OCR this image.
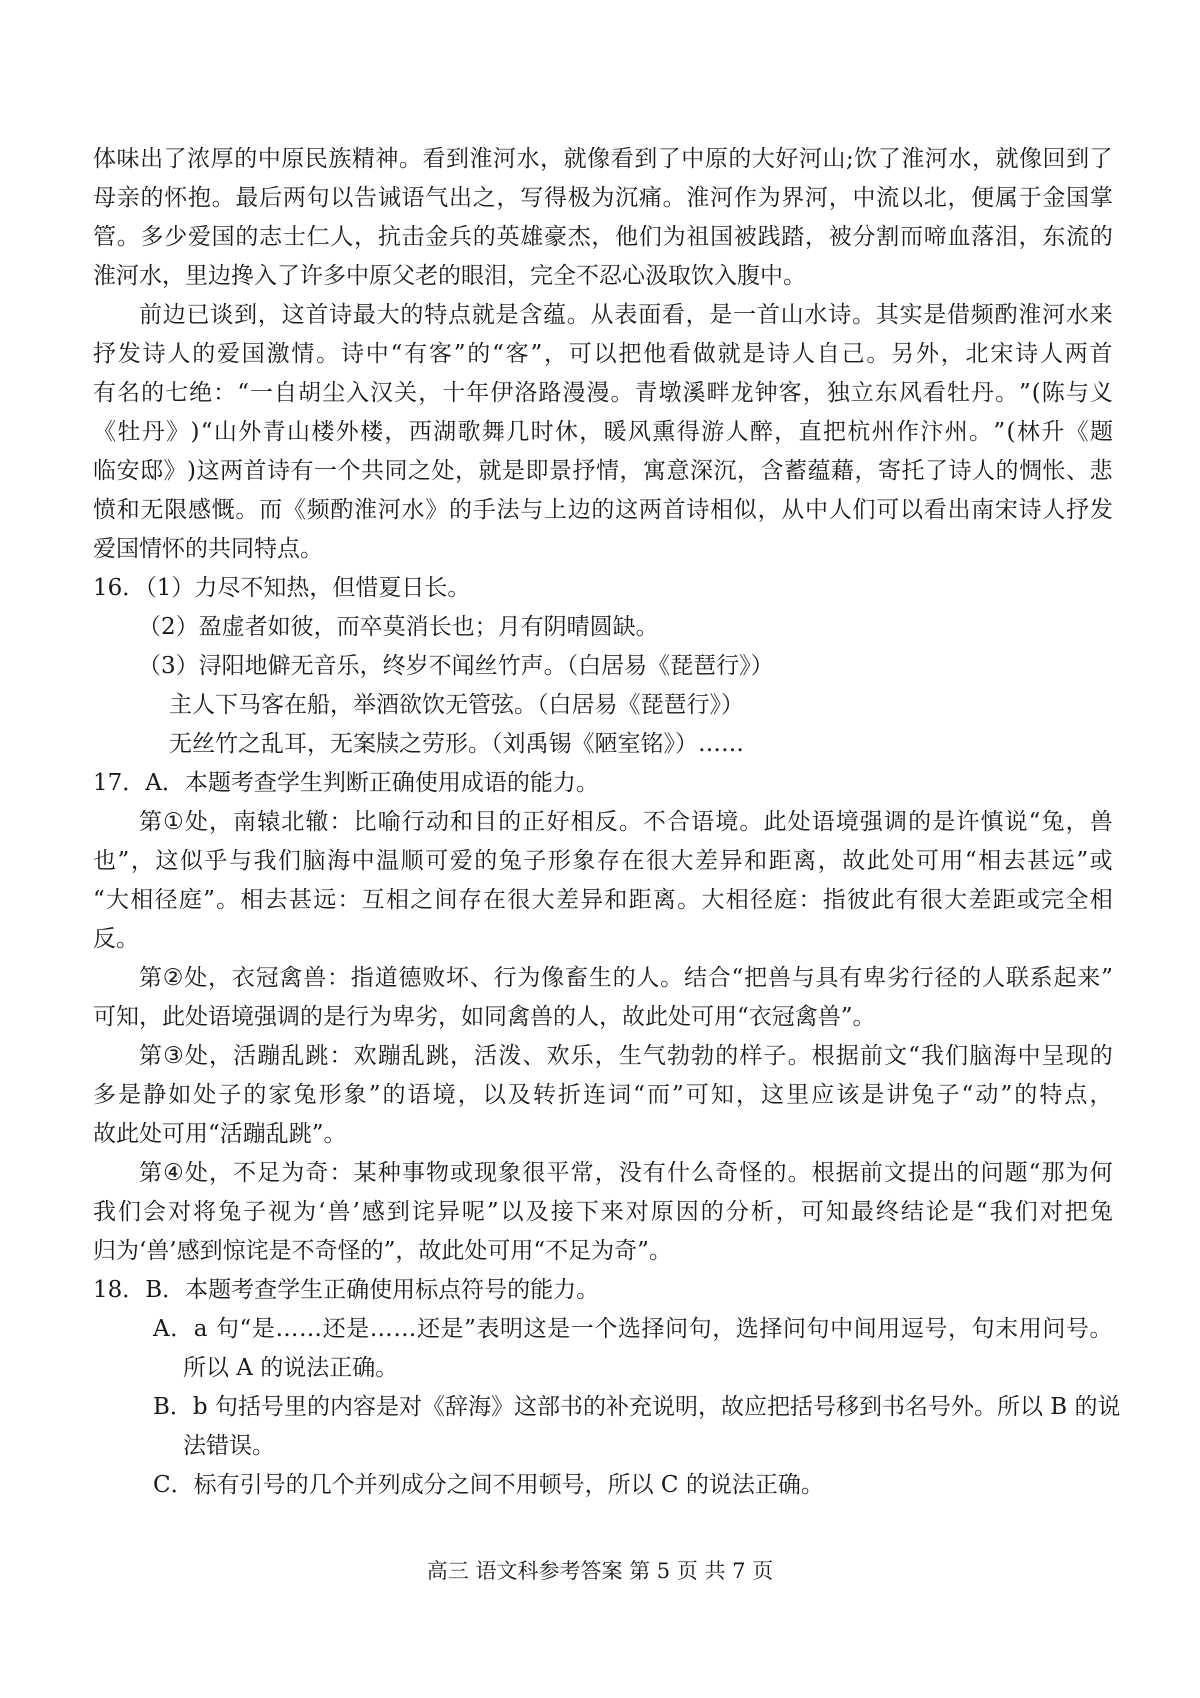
体 味 出 了 浓 厚 的 中 原 民 族 精 神 。 看 到 淮 河 水 ， 就 像 看 到 了 中 原 的 大 好 河 山 ; 饮 了 淮 河 水 ， 就 像 回 到 了
母 亲 的 怀 抱 。 最 后 两 句 以 告 诫 语 气 出 之 ， 写 得 极 为 沉 痛 。 淮 河 作 为 界 河 ， 中 流 以 北 ， 便 属 于 金 国 掌
管 。 多 少 爱 国 的 志 士 仁 人 ， 抗 击 金 兵 的 英 雄 豪 杰 ， 他 们 为 祖 国 被 践 踏 ， 被 分 割 而 啼 血 落 泪 ， 东 流 的
淮河水，里边搀入了许多中原父老的眼泪，完全不忍心汲取饮入腹中。
前 边 已 谈 到 ， 这 首 诗 最 大 的 特 点 就 是 含 蕴 。 从 表 面 看 ， 是 一 首 山 水 诗 。 其 实 是 借 频 酌 淮 河 水 来
抒 发 诗 人 的 爱 国 激 情 。 诗 中 “ 有 客 ” 的 “ 客 ” ， 可 以 把 他 看 做 就 是 诗 人 自 己 。 另 外 ， 北 宋 诗 人 两 首
有 名 的 七 绝 ： “ 一 自 胡 尘 入 汉 关 ， 十 年 伊 洛 路 漫 漫 。 青 墩 溪 畔 龙 钟 客 ， 独 立 东 风 看 牡 丹 。 ” ( 陈 与 义
《 牡 丹 》 ) “ 山 外 青 山 楼 外 楼 ， 西 湖 歌 舞 几 时 休 ， 暖 风 熏 得 游 人 醉 ， 直 把 杭 州 作 汴 州 。 ” ( 林 升 《 题
临 安 邸 》 ) 这 两 首 诗 有 一 个 共 同 之 处 ， 就 是 即 景 抒 情 ， 寓 意 深 沉 ， 含 蓄 蕴 藉 ， 寄 托 了 诗 人 的 惆 怅 、 悲
愤 和 无 限 感 慨 。 而 《 频 酌 淮 河 水 》 的 手 法 与 上 边 的 这 两 首 诗 相 似 ， 从 中 人 们 可 以 看 出 南 宋 诗 人 抒 发
爱国情怀的共同特点。
16．（1）力尽不知热，但惜夏日长。
（2）盈虚者如彼，而卒莫消长也；月有阴晴圆缺。
（3）浔阳地僻无音乐，终岁不闻丝竹声。（白居易《琵琶行》）
主人下马客在船，举酒欲饮无管弦。（白居易《琵琶行》）
无丝竹之乱耳，无案牍之劳形。（刘禹锡《陋室铭》）……
17．A．本题考查学生判断正确使用成语的能力。
第 ① 处 ， 南 辕 北 辙 ： 比 喻 行 动 和 目 的 正 好 相 反 。 不 合 语 境 。 此 处 语 境 强 调 的 是 许 慎 说 “ 兔 ， 兽
也 ” ， 这 似 乎 与 我 们 脑 海 中 温 顺 可 爱 的 兔 子 形 象 存 在 很 大 差 异 和 距 离 ， 故 此 处 可 用 “ 相 去 甚 远 ” 或
“ 大 相 径 庭 ” 。 相 去 甚 远 ： 互 相 之 间 存 在 很 大 差 异 和 距 离 。 大 相 径 庭 ： 指 彼 此 有 很 大 差 距 或 完 全 相
反。
第 ② 处 ， 衣 冠 禽 兽 ： 指 道 德 败 坏 、 行 为 像 畜 生 的 人 。 结 合 “ 把 兽 与 具 有 卑 劣 行 径 的 人 联 系 起 来 ”
可知，此处语境强调的是行为卑劣，如同禽兽的人，故此处可用“衣冠禽兽”。
第 ③ 处 ， 活 蹦 乱 跳 ： 欢 蹦 乱 跳 ， 活 泼 、 欢 乐 ， 生 气 勃 勃 的 样 子 。 根 据 前 文 “ 我 们 脑 海 中 呈 现 的
多 是 静 如 处 子 的 家 兔 形 象 ” 的 语 境 ， 以 及 转 折 连 词 “ 而 ” 可 知 ， 这 里 应 该 是 讲 兔 子 “ 动 ” 的 特 点 ，
故此处可用“活蹦乱跳”。
第 ④ 处 ， 不 足 为 奇 ： 某 种 事 物 或 现 象 很 平 常 ， 没 有 什 么 奇 怪 的 。 根 据 前 文 提 出 的 问 题 “ 那 为 何
我 们 会 对 将 兔 子 视 为 ‘ 兽 ’ 感 到 诧 异 呢 ” 以 及 接 下 来 对 原 因 的 分 析 ， 可 知 最 终 结 论 是 “ 我 们 对 把 兔
归为‘兽’感到惊诧是不奇怪的”，故此处可用“不足为奇”。
18．B．本题考查学生正确使用标点符号的能力。
A ． a
句 “ 是 … … 还 是 … … 还 是 ” 表 明 这 是 一 个 选 择 问 句 ， 选 择 问 句 中 间 用 逗 号 ， 句 末 用 问 号 。
所以 A 的说法正确。
B ． b
句 括 号 里 的 内 容 是 对 《 辞 海 》 这 部 书 的 补 充 说 明 ， 故 应 把 括 号 移 到 书 名 号 外 。 所 以
B
的 说
法错误。
C．标有引号的几个并列成分之间不用顿号，所以 C 的说法正确。
高三 语文科参考答案 第 5 页 共 7 页
